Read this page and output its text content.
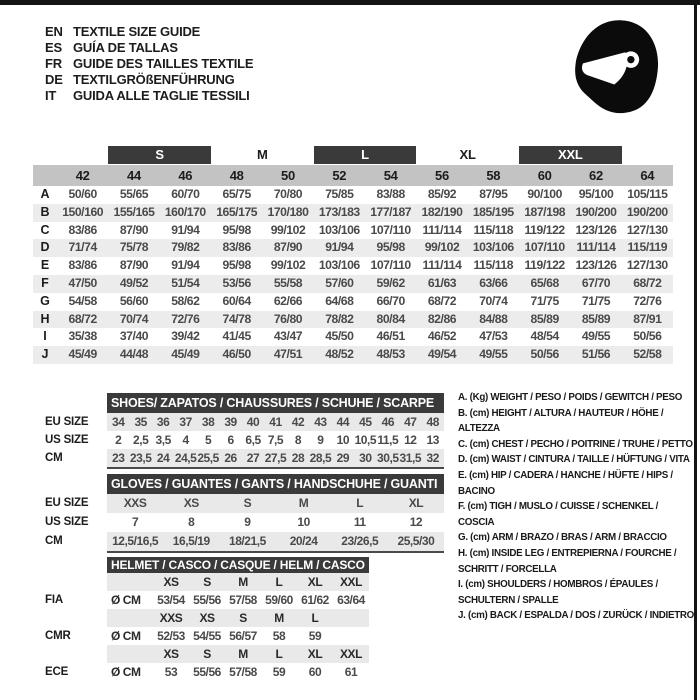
EN TEXTILE SIZE GUIDE
ES GUÍA DE TALLAS
FR GUIDE DES TAILLES TEXTILE
DE TEXTILGRÖßENFÜHRUNG
IT	GUIDA ALLE TAGLIE TESSILI
S	M	L	XL	XXL
42	44	46	48	50	52	54	56	58	60	62	64
A	50/60	55/65	60/70	65/75	70/80	75/85	83/88	85/92	87/95	90/100	95/100	105/115
B	150/160 155/165 160/170 165/175 170/180 173/183 177/187 182/190 185/195 187/198 190/200 190/200
C	83/86	87/90	91/94	95/98	99/102	103/106 107/110 111/114 115/118 119/122 123/126 127/130
D	71/74	75/78	79/82	83/86	87/90	91/94	95/98	99/102	103/106 107/110 111/114 115/119
E	83/86	87/90	91/94	95/98	99/102	103/106 107/110 111/114 115/118 119/122 123/126 127/130
F	47/50	49/52	51/54	53/56	55/58	57/60	59/62	61/63	63/66	65/68	67/70	68/72
G	54/58	56/60	58/62	60/64	62/66	64/68	66/70	68/72	70/74	71/75	71/75	72/76
H	68/72	70/74	72/76	74/78	76/80	78/82	80/84	82/86	84/88	85/89	85/89	87/91
I	35/38	37/40	39/42	41/45	43/47	45/50	46/51	46/52	47/53	48/54	49/55	50/56
J	45/49	44/48	45/49	46/50	47/51	48/52	48/53	49/54	49/55	50/56	51/56	52/58
SHOES/ ZAPATOS / CHAUSSURES / SCHUHE / SCARPE
EU SIZE	34 35 36 37 38 39 40 41 42 43 44 45 46 47 48
US SIZE	2 2,5 3,5 4	5	6 6,5 7,5 8	9	10 10,5 11,5 12 13
CM	23 23,5 24 24,5 25,5 26 27 27,5 28 28,5 29 30 30,5 31,5 32
GLOVES / GUANTES / GANTS / HANDSCHUHE / GUANTI
EU SIZE	XXS	XS	S	M	L	XL
US SIZE	7	8	9	10	11	12
CM	12,5/16,5	16,5/19	18/21,5	20/24	23/26,5	25,5/30
HELMET / CASCO / CASQUE / HELM / CASCO
XS	S	M	L	XL	XXL
FIA	Ø CM	53/54 55/56 57/58 59/60 61/62 63/64
XXS	XS	S	M	L
CMR	Ø CM	52/53 54/55 56/57	58	59
XS	S	M	L	XL	XXL
ECE	Ø CM	53	55/56 57/58	59	60	61
A. (Kg) WEIGHT / PESO / POIDS / GEWITCH / PESO
B. (cm) HEIGHT / ALTURA / HAUTEUR / HÖHE / ALTEZZA
C. (cm) CHEST / PECHO / POITRINE / TRUHE / PETTO
D. (cm) WAIST / CINTURA / TAILLE / HÜFTUNG / VITA
E. (cm) HIP / CADERA / HANCHE / HÜFTE / HIPS / BACINO
F. (cm) TIGH / MUSLO / CUISSE / SCHENKEL / COSCIA
G. (cm) ARM / BRAZO / BRAS / ARM / BRACCIO
H. (cm) INSIDE LEG / ENTREPIERNA / FOURCHE / SCHRITT / FORCELLA
I. (cm) SHOULDERS / HOMBROS / ÉPAULES / SCHULTERN / SPALLE
J. (cm) BACK / ESPALDA / DOS / ZURÜCK / INDIETRO
